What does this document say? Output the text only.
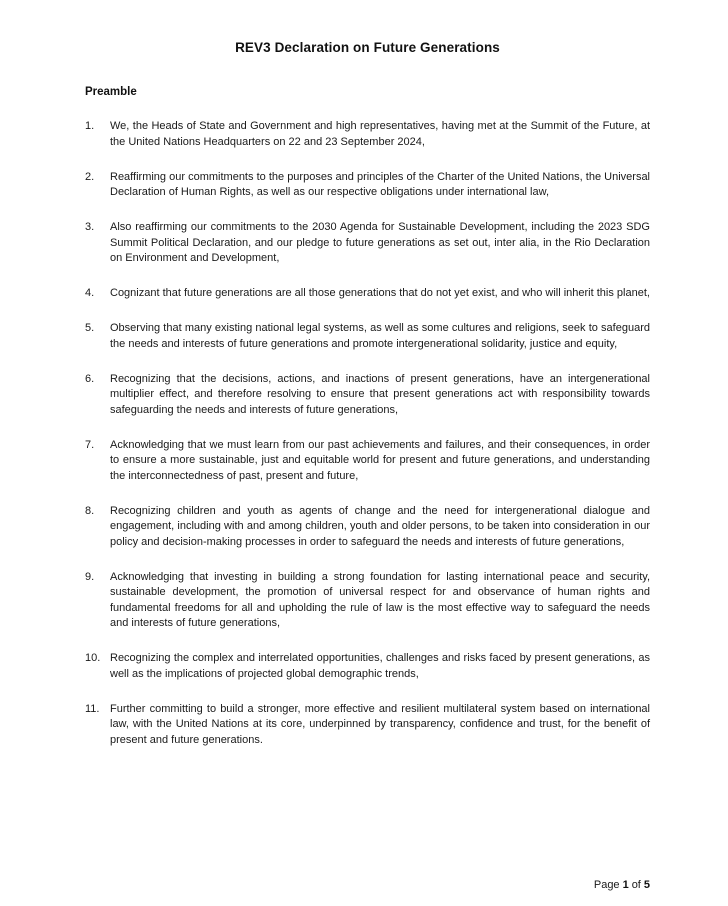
REV3 Declaration on Future Generations
Preamble
1.	We, the Heads of State and Government and high representatives, having met at the Summit of the Future, at the United Nations Headquarters on 22 and 23 September 2024,
2.	Reaffirming our commitments to the purposes and principles of the Charter of the United Nations, the Universal Declaration of Human Rights, as well as our respective obligations under international law,
3.	Also reaffirming our commitments to the 2030 Agenda for Sustainable Development, including the 2023 SDG Summit Political Declaration, and our pledge to future generations as set out, inter alia, in the Rio Declaration on Environment and Development,
4.	Cognizant that future generations are all those generations that do not yet exist, and who will inherit this planet,
5.	Observing that many existing national legal systems, as well as some cultures and religions, seek to safeguard the needs and interests of future generations and promote intergenerational solidarity, justice and equity,
6.	Recognizing that the decisions, actions, and inactions of present generations, have an intergenerational multiplier effect, and therefore resolving to ensure that present generations act with responsibility towards safeguarding the needs and interests of future generations,
7.	Acknowledging that we must learn from our past achievements and failures, and their consequences, in order to ensure a more sustainable, just and equitable world for present and future generations, and understanding the interconnectedness of past, present and future,
8.	Recognizing children and youth as agents of change and the need for intergenerational dialogue and engagement, including with and among children, youth and older persons, to be taken into consideration in our policy and decision-making processes in order to safeguard the needs and interests of future generations,
9.	Acknowledging that investing in building a strong foundation for lasting international peace and security, sustainable development, the promotion of universal respect for and observance of human rights and fundamental freedoms for all and upholding the rule of law is the most effective way to safeguard the needs and interests of future generations,
10. Recognizing the complex and interrelated opportunities, challenges and risks faced by present generations, as well as the implications of projected global demographic trends,
11. Further committing to build a stronger, more effective and resilient multilateral system based on international law, with the United Nations at its core, underpinned by transparency, confidence and trust, for the benefit of present and future generations.
Page 1 of 5
